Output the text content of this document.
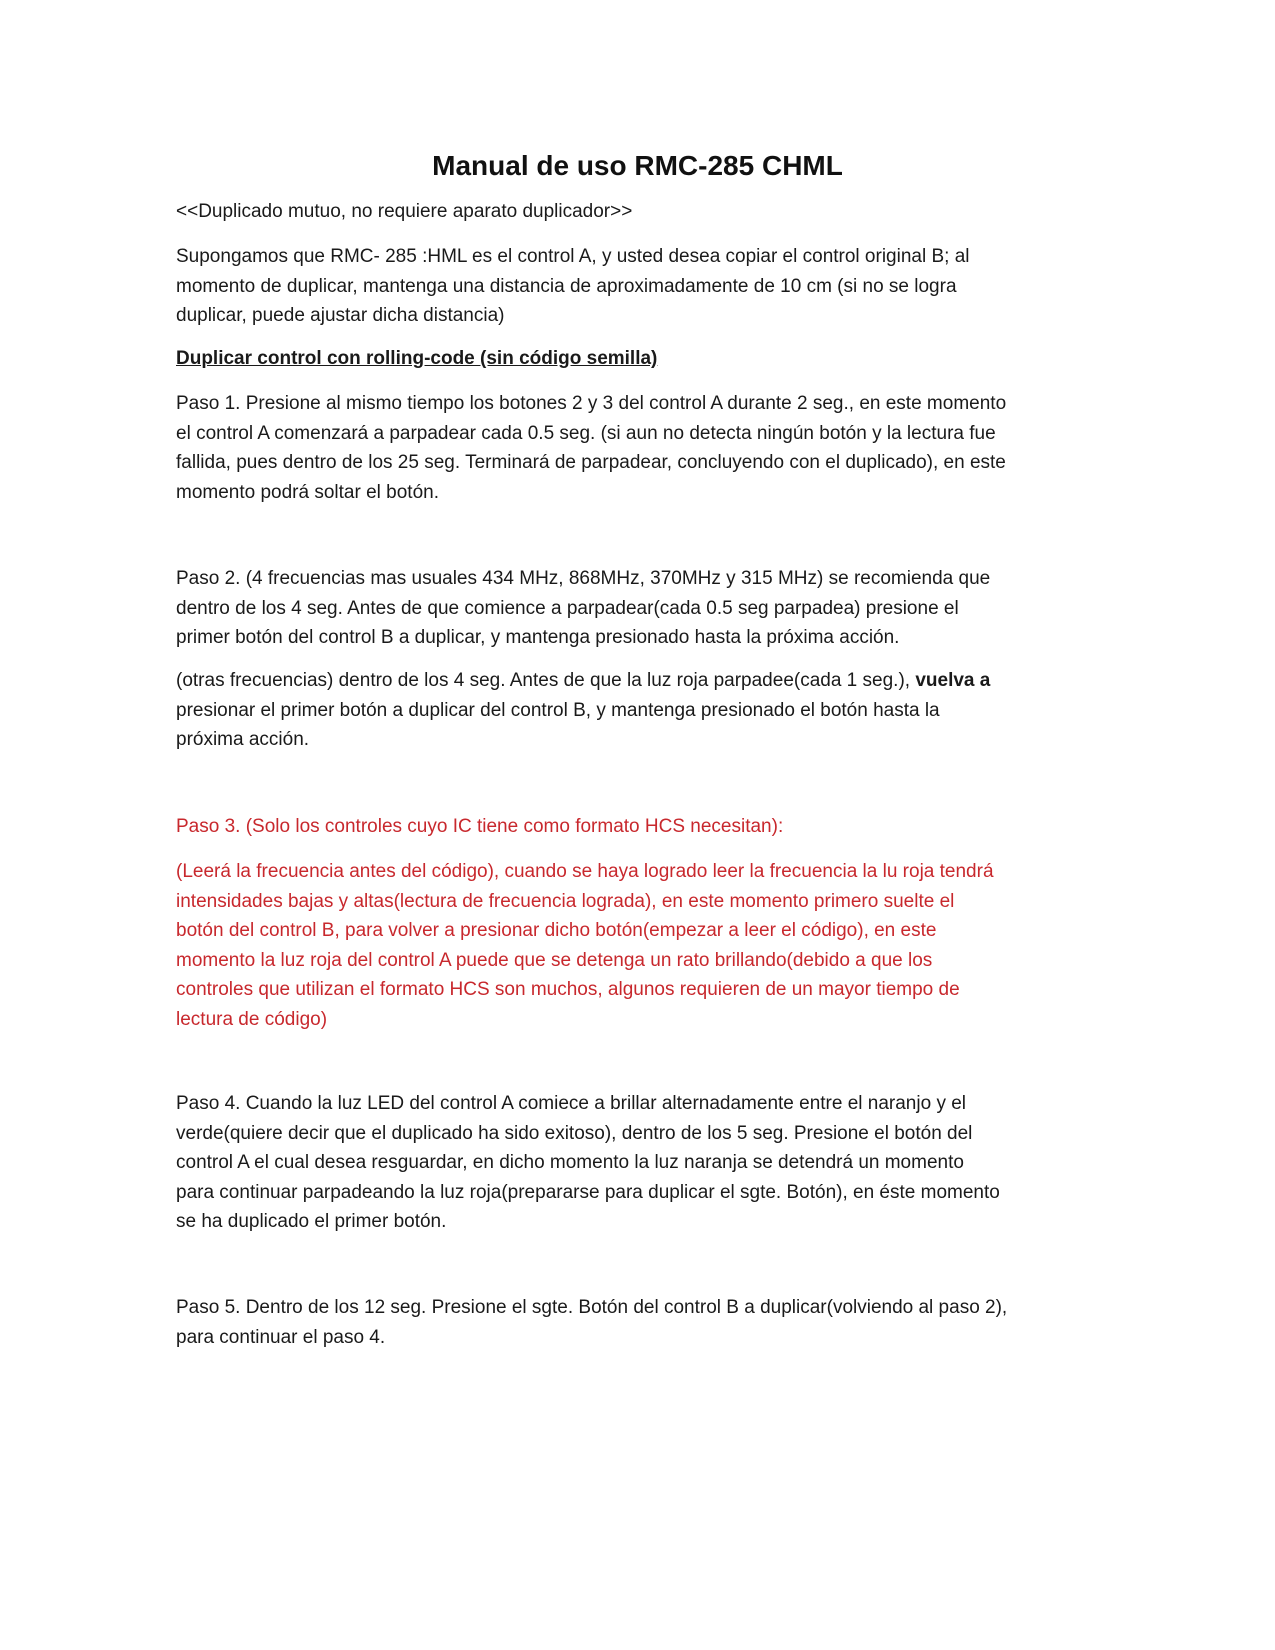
Manual de uso RMC-285 CHML

<<Duplicado mutuo, no requiere aparato duplicador>>

Supongamos que RMC- 285 :HML es el control A, y usted desea copiar el control original B; al
momento de duplicar, mantenga una distancia de aproximadamente de 10 cm (si no se logra
duplicar, puede ajustar dicha distancia)

Duplicar control con rolling-code (sin código semilla)

Paso 1. Presione al mismo tiempo los botones 2 y 3 del control A durante 2 seg., en este momento
el control A comenzará a parpadear cada 0.5 seg. (si aun no detecta ningún botón y la lectura fue
fallida, pues dentro de los 25 seg. Terminará de parpadear, concluyendo con el duplicado), en este
momento podrá soltar el botón.

Paso 2. (4 frecuencias mas usuales 434 MHz, 868MHz, 370MHz y 315 MHz) se recomienda que
dentro de los 4 seg. Antes de que comience a parpadear(cada 0.5 seg parpadea) presione el
primer botón del control B a duplicar, y mantenga presionado hasta la próxima acción.

(otras frecuencias) dentro de los 4 seg. Antes de que la luz roja parpadee(cada 1 seg.), vuelva a
presionar el primer botón a duplicar del control B, y mantenga presionado el botón hasta la
próxima acción.

Paso 3. (Solo los controles cuyo IC tiene como formato HCS necesitan):

(Leerá la frecuencia antes del código), cuando se haya logrado leer la frecuencia la lu roja tendrá
intensidades bajas y altas(lectura de frecuencia lograda), en este momento primero suelte el
botón del control B, para volver a presionar dicho botón(empezar a leer el código), en este
momento la luz roja del control A puede que se detenga un rato brillando(debido a que los
controles que utilizan el formato HCS son muchos, algunos requieren de un mayor tiempo de
lectura de código)

Paso 4. Cuando la luz LED del control A comiece a brillar alternadamente entre el naranjo y el
verde(quiere decir que el duplicado ha sido exitoso), dentro de los 5 seg. Presione el botón del
control A el cual desea resguardar, en dicho momento la luz naranja se detendrá un momento
para continuar parpadeando la luz roja(prepararse para duplicar el sgte. Botón), en éste momento
se ha duplicado el primer botón.

Paso 5. Dentro de los 12 seg. Presione el sgte. Botón del control B a duplicar(volviendo al paso 2),
para continuar el paso 4.
